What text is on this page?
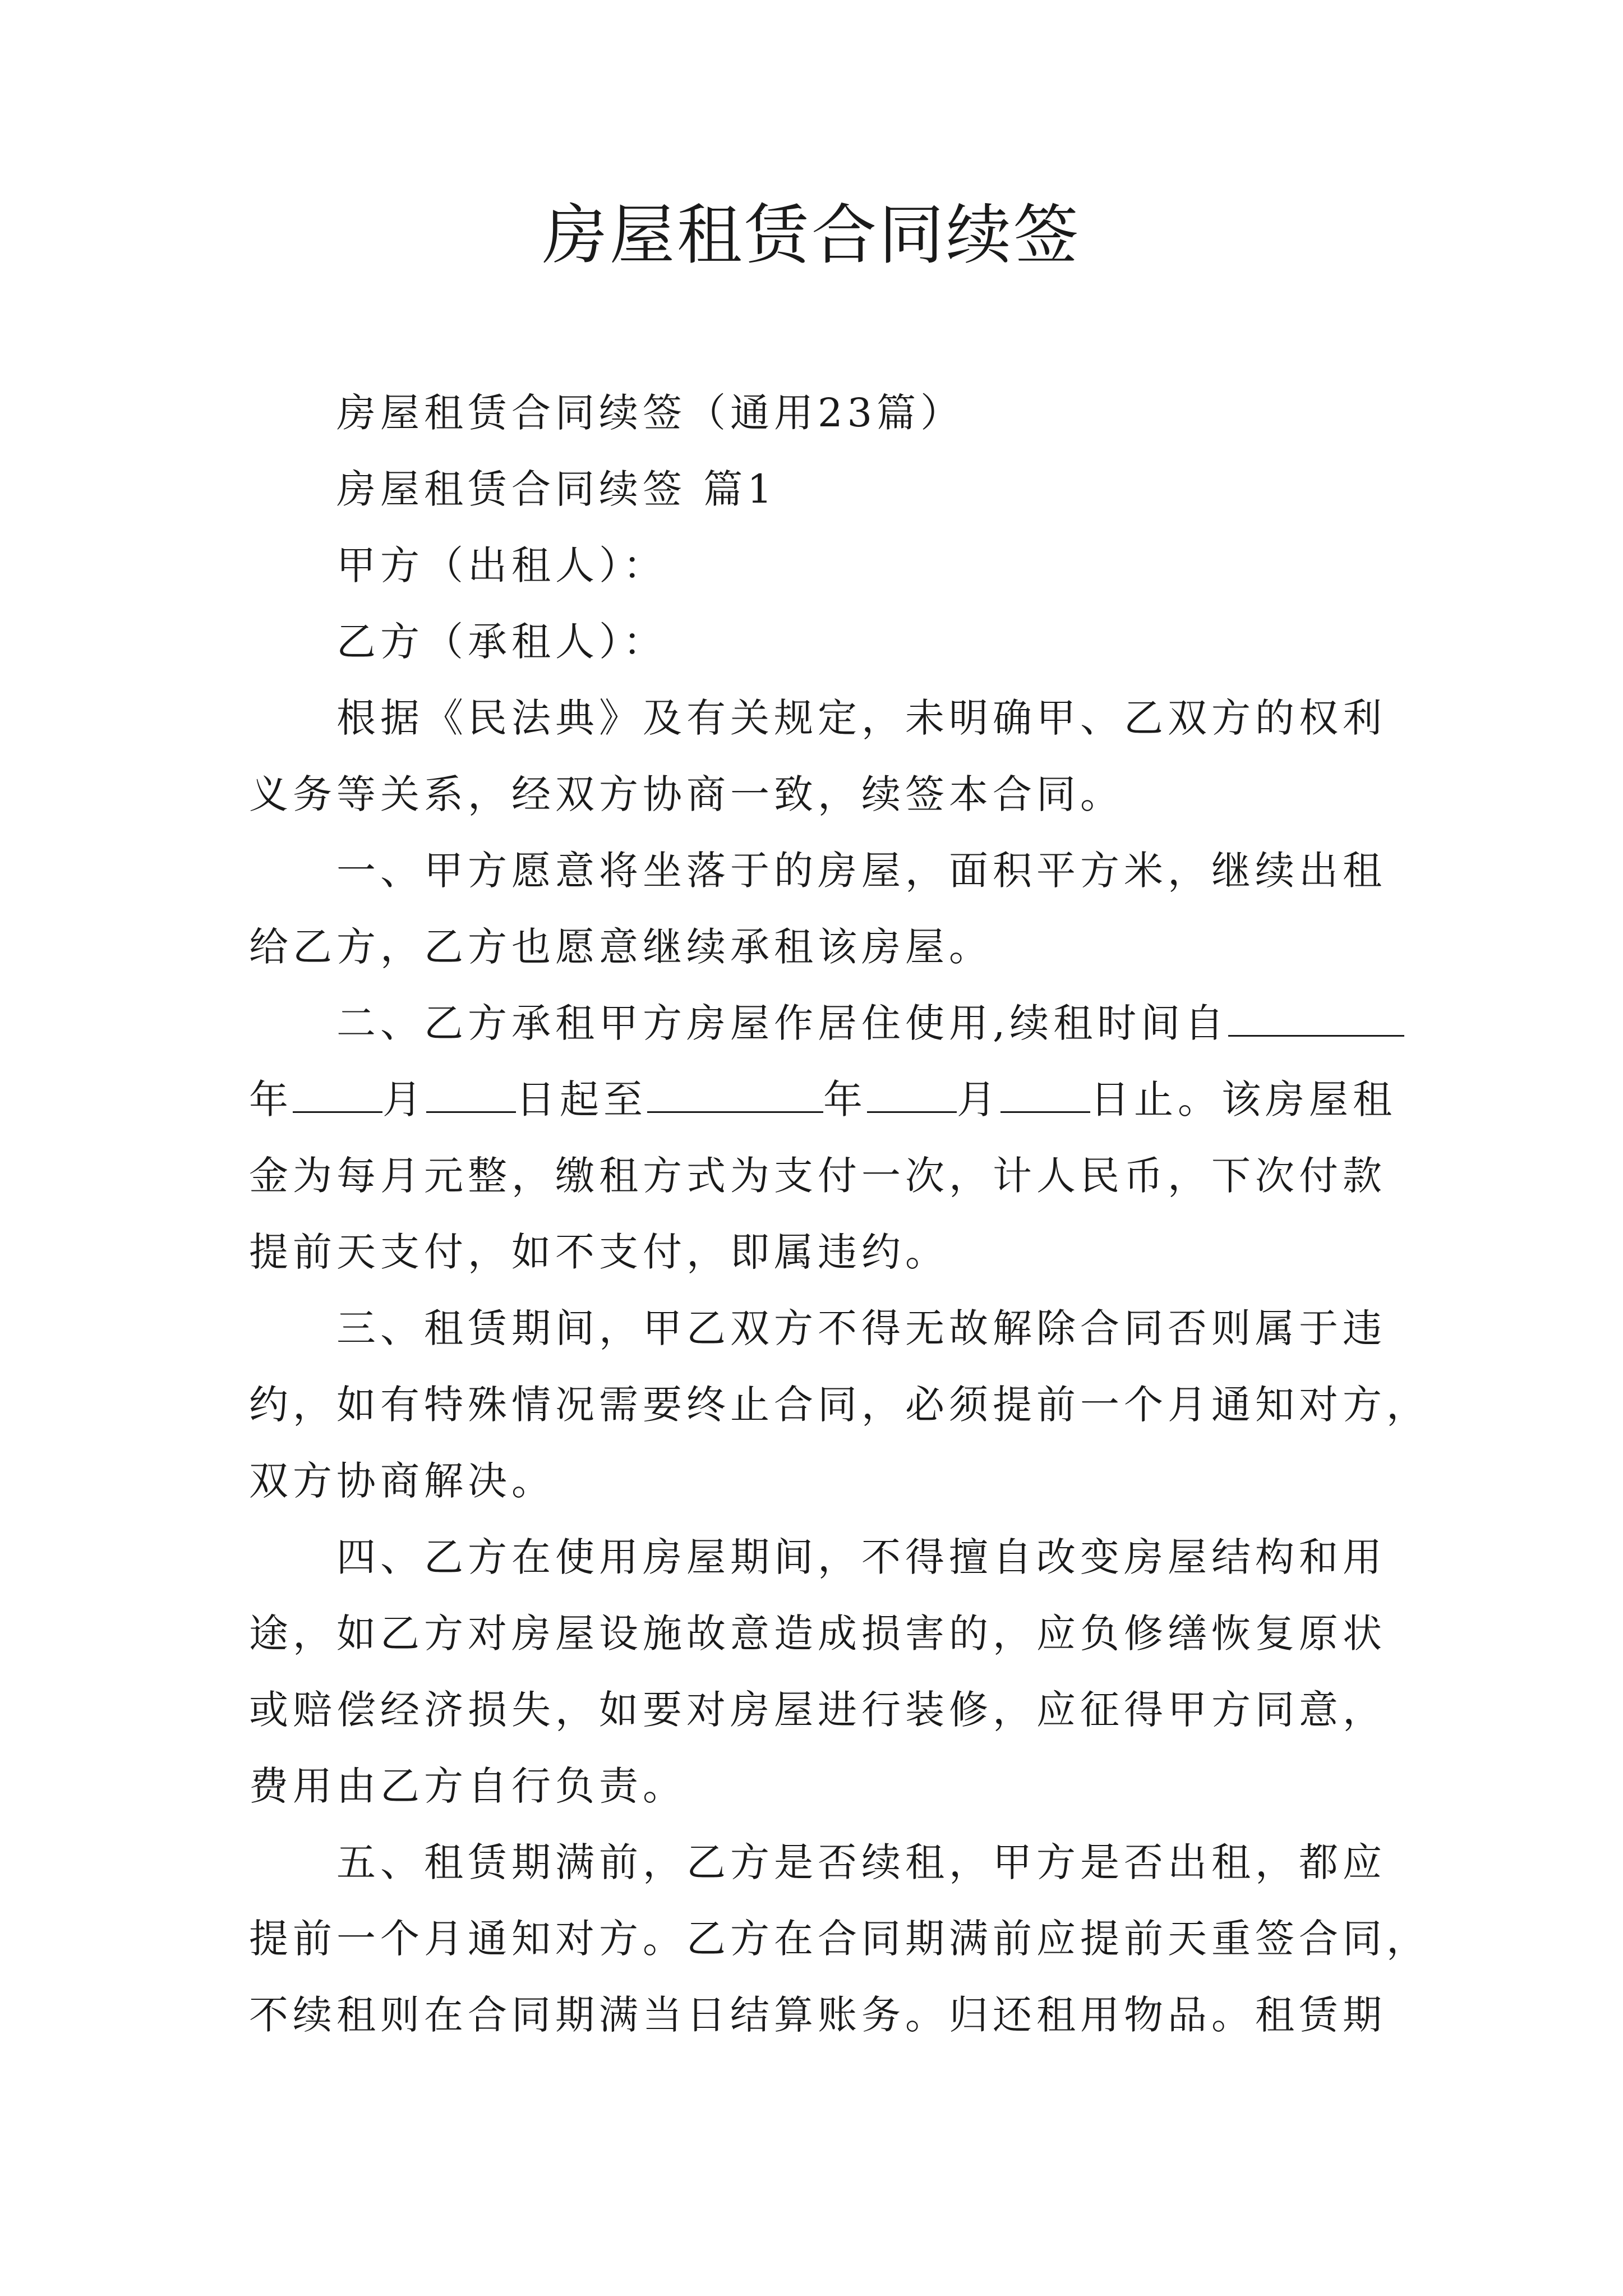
房屋租赁合同续签
房屋租赁合同续签（通用23篇）
房屋租赁合同续签 篇1
甲方（出租人）：
乙方（承租人）：
根据《民法典》及有关规定，未明确甲、乙双方的权利
义务等关系，经双方协商一致，续签本合同。
一、甲方愿意将坐落于的房屋，面积平方米，继续出租
给乙方，乙方也愿意继续承租该房屋。
二、乙方承租甲方房屋作居住使用,续租时间自
年 月 日起至	年 月 日止。该房屋租
金为每月元整，缴租方式为支付一次，计人民币，下次付款
提前天支付，如不支付，即属违约。
三、租赁期间，甲乙双方不得无故解除合同否则属于违
约，如有特殊情况需要终止合同，必须提前一个月通知对方，
双方协商解决。
四、乙方在使用房屋期间，不得擅自改变房屋结构和用
途，如乙方对房屋设施故意造成损害的，应负修缮恢复原状
或赔偿经济损失，如要对房屋进行装修，应征得甲方同意，
费用由乙方自行负责。
五、租赁期满前，乙方是否续租，甲方是否出租，都应
提前一个月通知对方。乙方在合同期满前应提前天重签合同，
不续租则在合同期满当日结算账务。归还租用物品。租赁期
